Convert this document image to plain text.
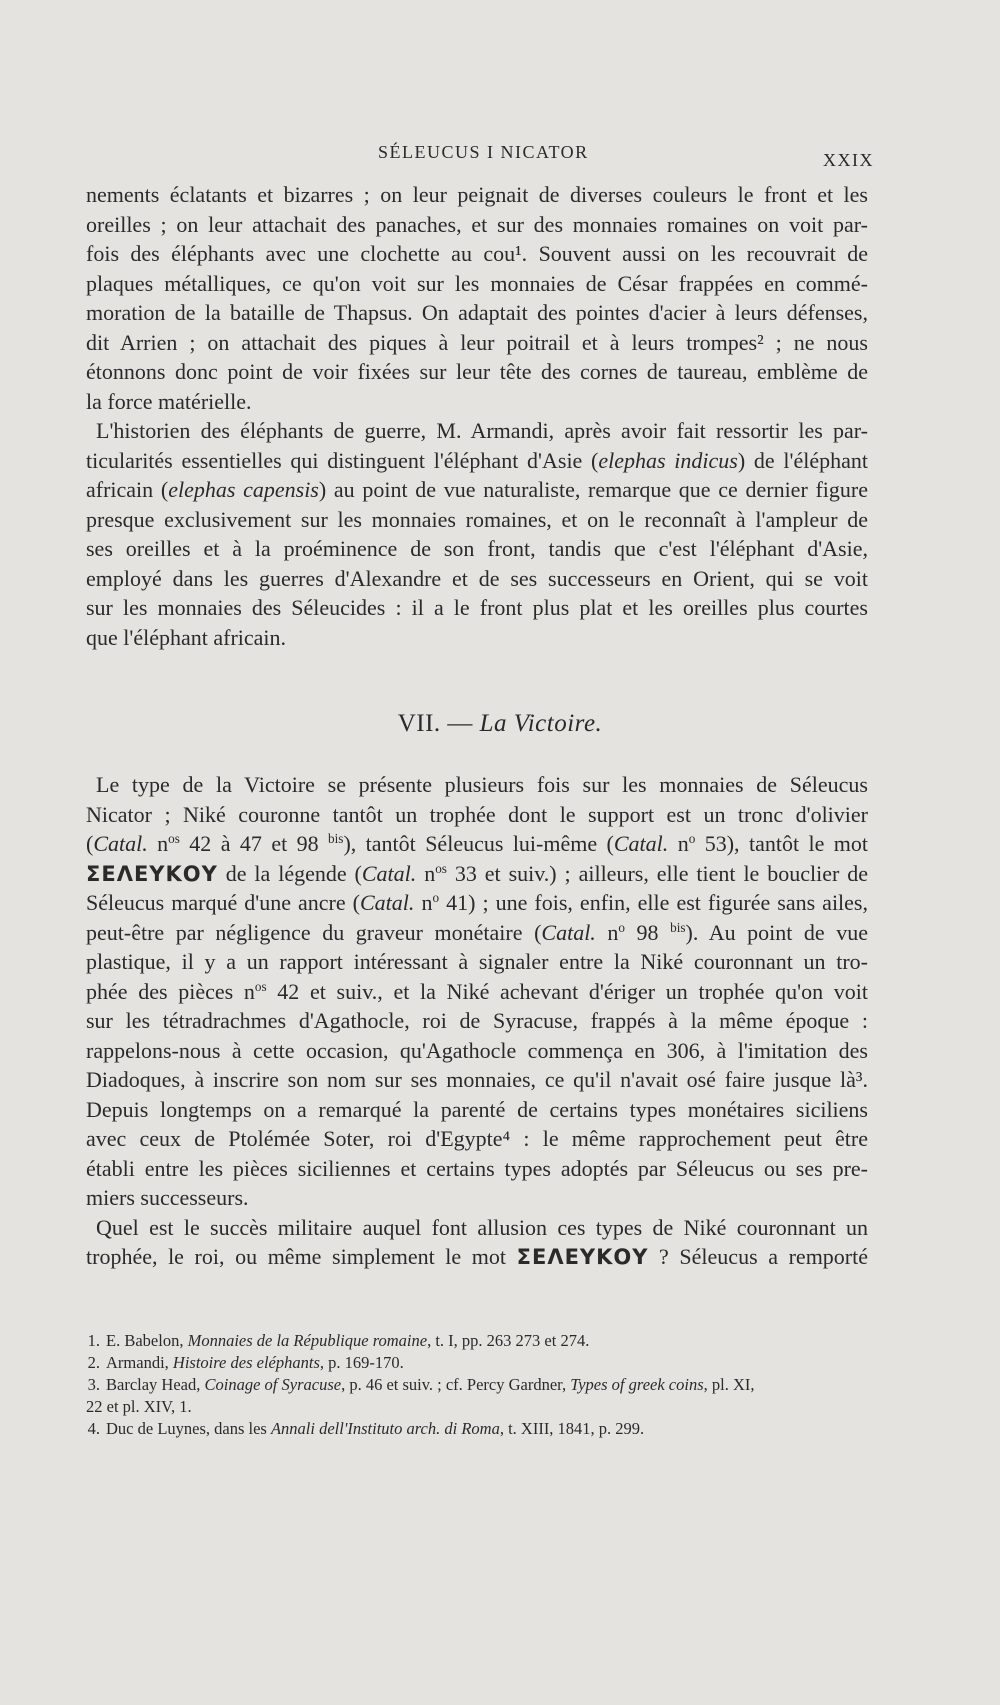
SÉLEUCUS I NICATOR	XXIX
nements éclatants et bizarres ; on leur peignait de diverses couleurs le front et les
oreilles ; on leur attachait des panaches, et sur des monnaies romaines on voit par-
fois des éléphants avec une clochette au cou¹. Souvent aussi on les recouvrait de
plaques métalliques, ce qu'on voit sur les monnaies de César frappées en commé-
moration de la bataille de Thapsus. On adaptait des pointes d'acier à leurs défenses,
dit Arrien ; on attachait des piques à leur poitrail et à leurs trompes² ; ne nous
étonnons donc point de voir fixées sur leur tête des cornes de taureau, emblème de
la force matérielle.
L'historien des éléphants de guerre, M. Armandi, après avoir fait ressortir les par-
ticularités essentielles qui distinguent l'éléphant d'Asie (elephas indicus) de l'éléphant
africain (elephas capensis) au point de vue naturaliste, remarque que ce dernier figure
presque exclusivement sur les monnaies romaines, et on le reconnaît à l'ampleur de
ses oreilles et à la proéminence de son front, tandis que c'est l'éléphant d'Asie,
employé dans les guerres d'Alexandre et de ses successeurs en Orient, qui se voit
sur les monnaies des Séleucides : il a le front plus plat et les oreilles plus courtes
que l'éléphant africain.
VII. — La Victoire.
Le type de la Victoire se présente plusieurs fois sur les monnaies de Séleucus
Nicator ; Niké couronne tantôt un trophée dont le support est un tronc d'olivier
(Catal. $n^{os}$ 42 à 47 et 98 $^{bis}$), tantôt Séleucus lui-même (Catal. $n^o$ 53), tantôt le mot
ΣΕΛΕΥΚΟΥ de la légende (Catal. $n^{os}$ 33 et suiv.) ; ailleurs, elle tient le bouclier de
Séleucus marqué d'une ancre (Catal. $n^o$ 41) ; une fois, enfin, elle est figurée sans ailes,
peut-être par négligence du graveur monétaire (Catal. $n^o$ 98 $^{bis}$). Au point de vue
plastique, il y a un rapport intéressant à signaler entre la Niké couronnant un tro-
phée des pièces $n^{os}$ 42 et suiv., et la Niké achevant d'ériger un trophée qu'on voit
sur les tétradrachmes d'Agathocle, roi de Syracuse, frappés à la même époque :
rappelons-nous à cette occasion, qu'Agathocle commença en 306, à l'imitation des
Diadoques, à inscrire son nom sur ses monnaies, ce qu'il n'avait osé faire jusque là³.
Depuis longtemps on a remarqué la parenté de certains types monétaires siciliens
avec ceux de Ptolémée Soter, roi d'Egypte⁴ : le même rapprochement peut être
établi entre les pièces siciliennes et certains types adoptés par Séleucus ou ses pre-
miers successeurs.
Quel est le succès militaire auquel font allusion ces types de Niké couronnant un
trophée, le roi, ou même simplement le mot ΣΕΛΕΥΚΟΥ ? Séleucus a remporté
1. E. Babelon, Monnaies de la République romaine, t. I, pp. 263 273 et 274.
2. Armandi, Histoire des eléphants, p. 169-170.
3. Barclay Head, Coinage of Syracuse, p. 46 et suiv. ; cf. Percy Gardner, Types of greek coins, pl. XI,
22 et pl. XIV, 1.
4. Duc de Luynes, dans les Annali dell'Instituto arch. di Roma, t. XIII, 1841, p. 299.
